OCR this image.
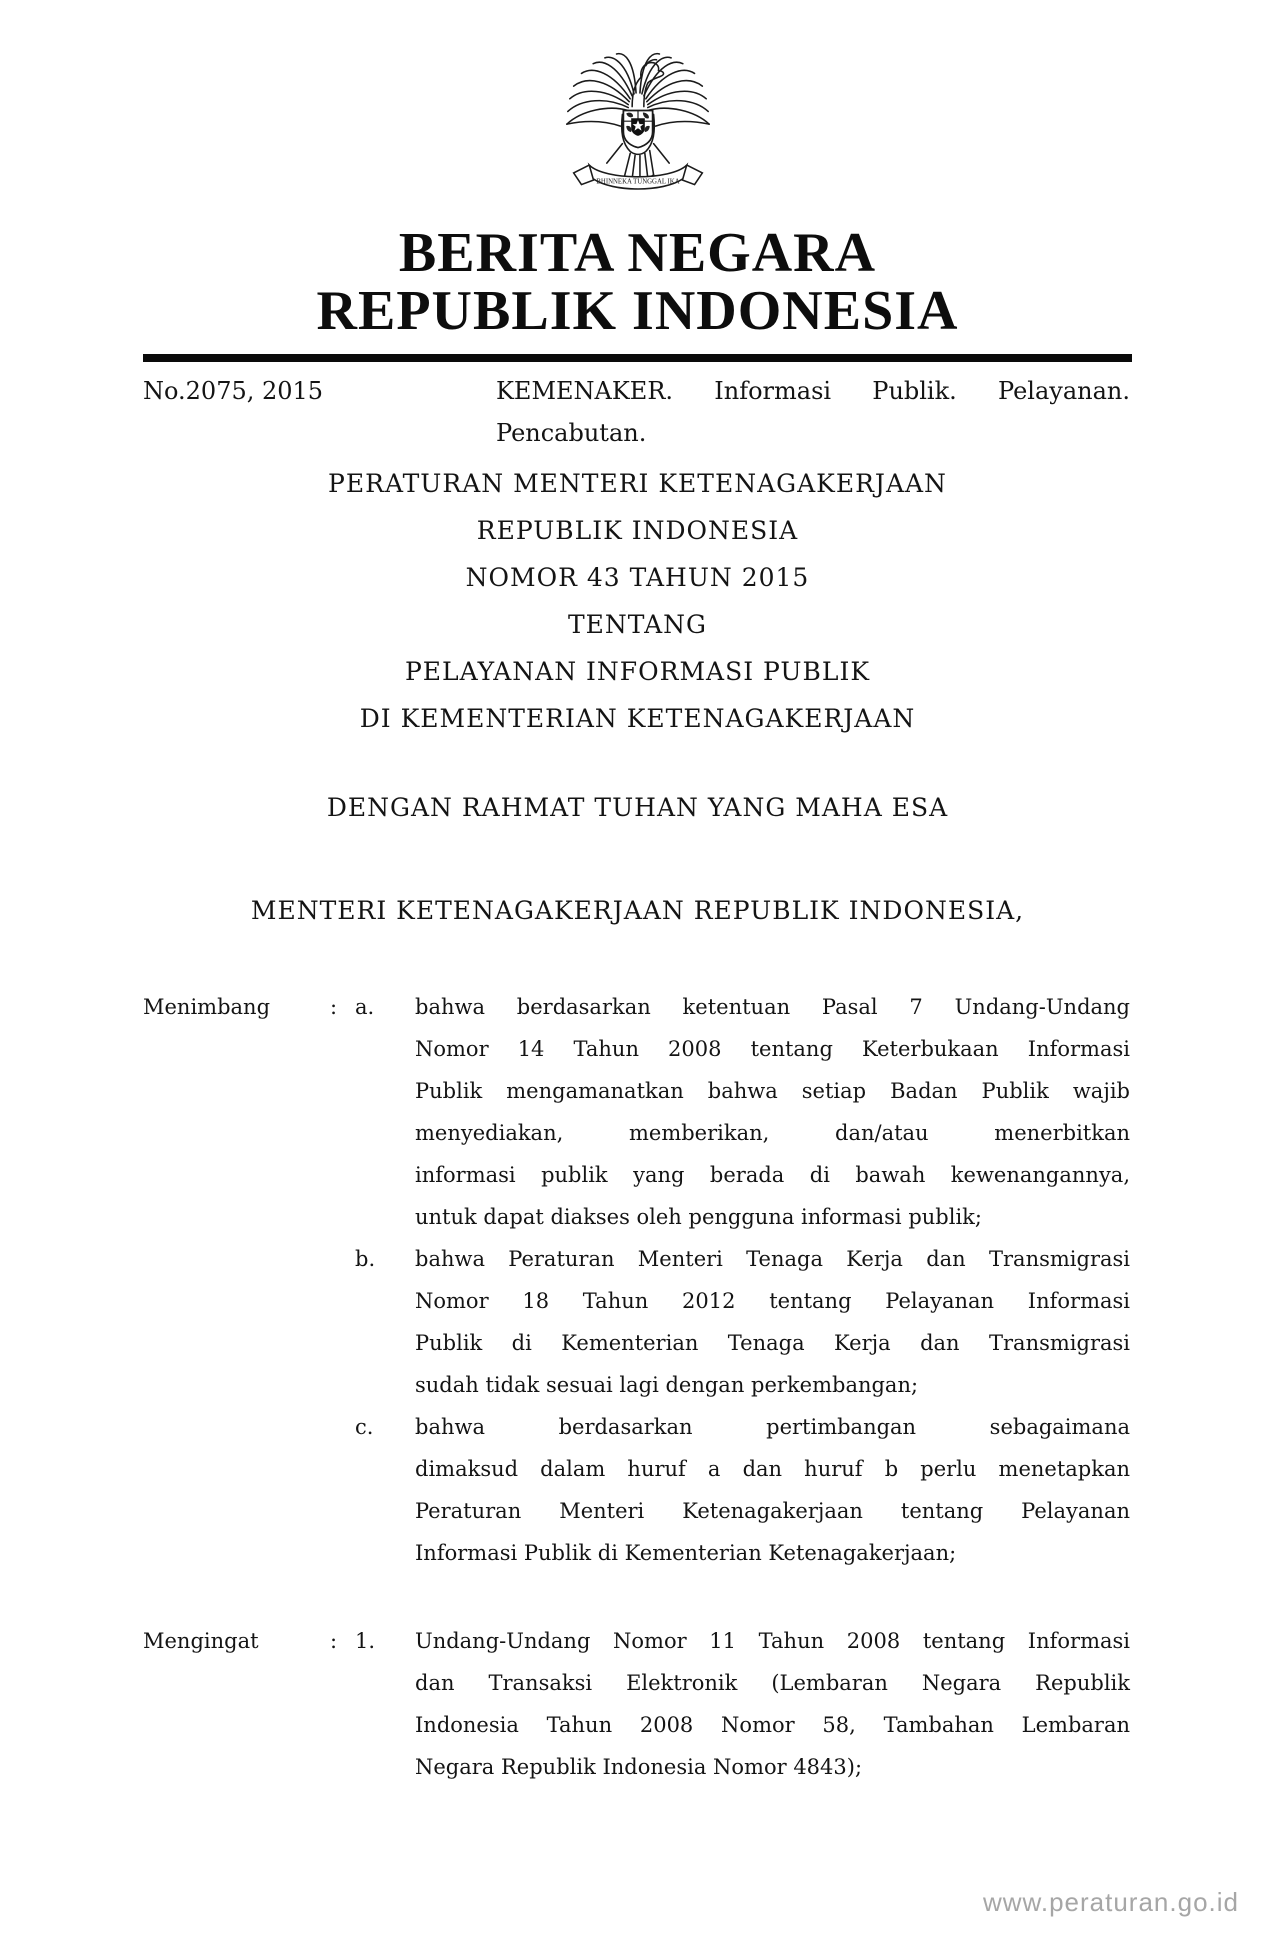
BHINNEKA TUNGGAL IKA
BERITA NEGARA
REPUBLIK INDONESIA
No.2075, 2015	KEMENAKER. Informasi Publik. Pelayanan.
Pencabutan.
PERATURAN MENTERI KETENAGAKERJAAN
REPUBLIK INDONESIA
NOMOR 43 TAHUN 2015
TENTANG
PELAYANAN INFORMASI PUBLIK
DI KEMENTERIAN KETENAGAKERJAAN
DENGAN RAHMAT TUHAN YANG MAHA ESA
MENTERI KETENAGAKERJAAN REPUBLIK INDONESIA,
Menimbang	: a.	bahwa berdasarkan ketentuan Pasal 7 Undang-Undang
Nomor 14 Tahun 2008 tentang Keterbukaan Informasi
Publik mengamanatkan bahwa setiap Badan Publik wajib
menyediakan, memberikan, dan/atau menerbitkan
informasi publik yang berada di bawah kewenangannya,
untuk dapat diakses oleh pengguna informasi publik;
b.	bahwa Peraturan Menteri Tenaga Kerja dan Transmigrasi
Nomor 18 Tahun 2012 tentang Pelayanan Informasi
Publik di Kementerian Tenaga Kerja dan Transmigrasi
sudah tidak sesuai lagi dengan perkembangan;
c.	bahwa berdasarkan pertimbangan sebagaimana
dimaksud dalam huruf a dan huruf b perlu menetapkan
Peraturan Menteri Ketenagakerjaan tentang Pelayanan
Informasi Publik di Kementerian Ketenagakerjaan;
Mengingat	: 1.	Undang-Undang Nomor 11 Tahun 2008 tentang Informasi
dan Transaksi Elektronik (Lembaran Negara Republik
Indonesia Tahun 2008 Nomor 58, Tambahan Lembaran
Negara Republik Indonesia Nomor 4843);
www.peraturan.go.id
